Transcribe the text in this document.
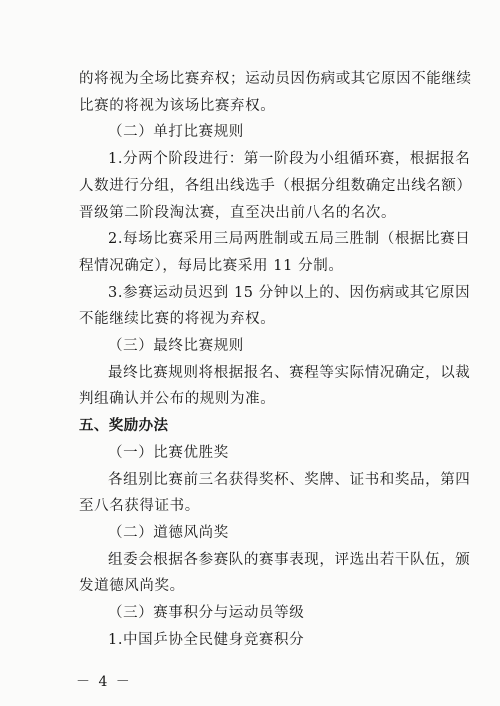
的将视为全场比赛弃权；运动员因伤病或其它原因不能继续
比赛的将视为该场比赛弃权。
（二）单打比赛规则
1.分两个阶段进行：第一阶段为小组循环赛，根据报名
人数进行分组，各组出线选手（根据分组数确定出线名额）
晋级第二阶段淘汰赛，直至决出前八名的名次。
2.每场比赛采用三局两胜制或五局三胜制（根据比赛日
程情况确定），每局比赛采用 11 分制。
3.参赛运动员迟到 15 分钟以上的、因伤病或其它原因
不能继续比赛的将视为弃权。
（三）最终比赛规则
最终比赛规则将根据报名、赛程等实际情况确定，以裁
判组确认并公布的规则为准。
五、奖励办法
（一）比赛优胜奖
各组别比赛前三名获得奖杯、奖牌、证书和奖品，第四
至八名获得证书。
（二）道德风尚奖
组委会根据各参赛队的赛事表现，评选出若干队伍，颁
发道德风尚奖。
（三）赛事积分与运动员等级
1.中国乒协全民健身竞赛积分
－ 4 －
